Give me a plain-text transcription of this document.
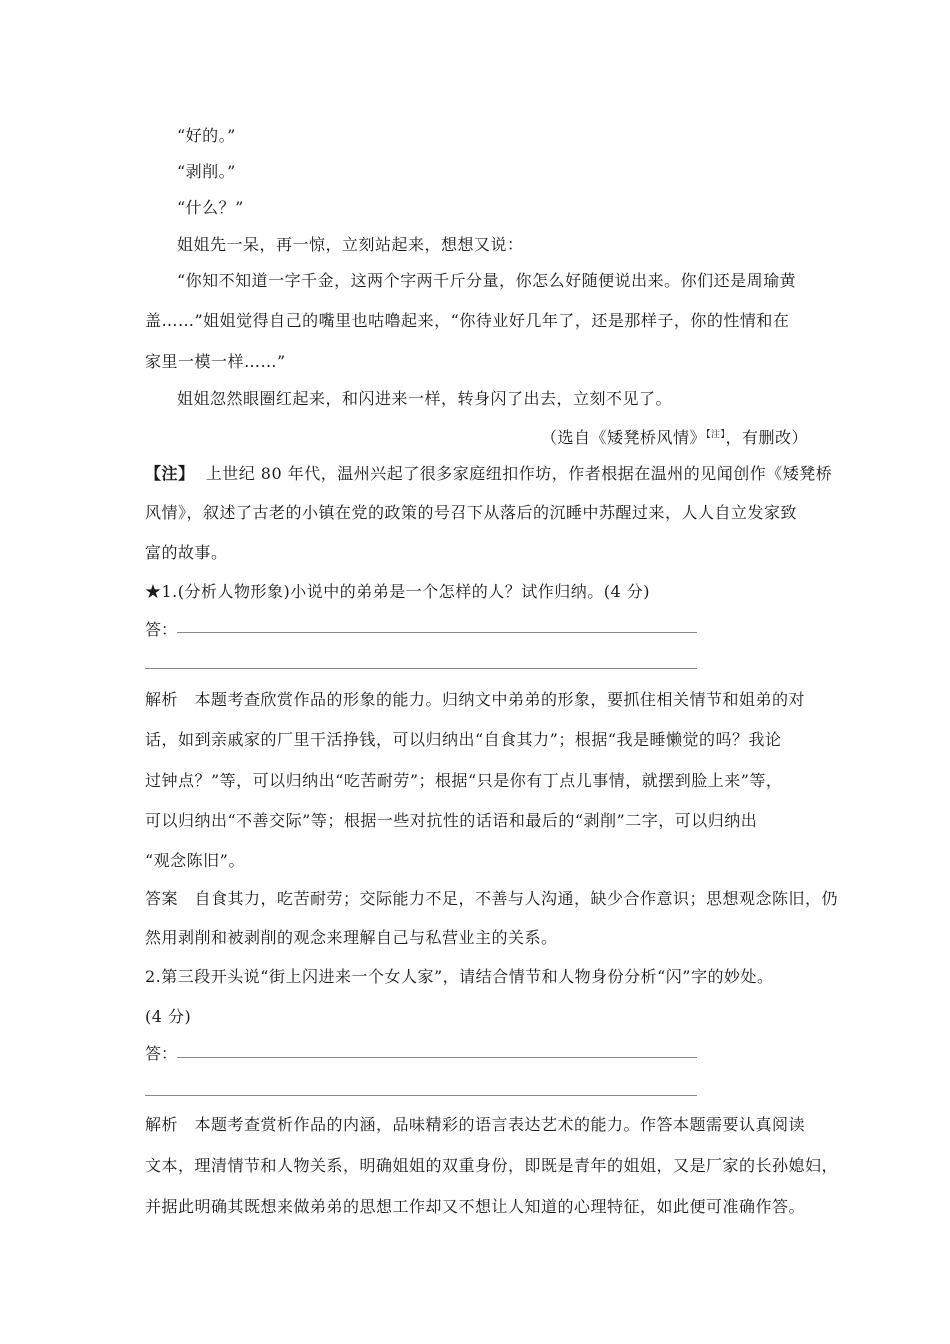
“好的。”
“剥削。”
“什么？”
姐姐先一呆，再一惊，立刻站起来，想想又说：
“你知不知道一字千金，这两个字两千斤分量，你怎么好随便说出来。你们还是周瑜黄
盖……”姐姐觉得自己的嘴里也咕噜起来，“你待业好几年了，还是那样子，你的性情和在
家里一模一样……”
姐姐忽然眼圈红起来，和闪进来一样，转身闪了出去，立刻不见了。
（选自《矮凳桥风情》$^{【注】}$，有删改）
【注】 上世纪 80 年代，温州兴起了很多家庭纽扣作坊，作者根据在温州的见闻创作《矮凳桥
风情》，叙述了古老的小镇在党的政策的号召下从落后的沉睡中苏醒过来，人人自立发家致
富的故事。
★1.(分析人物形象)小说中的弟弟是一个怎样的人？试作归纳。(4 分)
答：
解析　本题考查欣赏作品的形象的能力。归纳文中弟弟的形象，要抓住相关情节和姐弟的对
话，如到亲戚家的厂里干活挣钱，可以归纳出“自食其力”；根据“我是睡懒觉的吗？我论
过钟点？”等，可以归纳出“吃苦耐劳”；根据“只是你有丁点儿事情，就摆到脸上来”等，
可以归纳出“不善交际”等；根据一些对抗性的话语和最后的“剥削”二字，可以归纳出
“观念陈旧”。
答案　自食其力，吃苦耐劳；交际能力不足，不善与人沟通，缺少合作意识；思想观念陈旧，仍
然用剥削和被剥削的观念来理解自己与私营业主的关系。
2.第三段开头说“街上闪进来一个女人家”，请结合情节和人物身份分析“闪”字的妙处。
(4 分)
答：
解析　本题考查赏析作品的内涵，品味精彩的语言表达艺术的能力。作答本题需要认真阅读
文本，理清情节和人物关系，明确姐姐的双重身份，即既是青年的姐姐，又是厂家的长孙媳妇，
并据此明确其既想来做弟弟的思想工作却又不想让人知道的心理特征，如此便可准确作答。
